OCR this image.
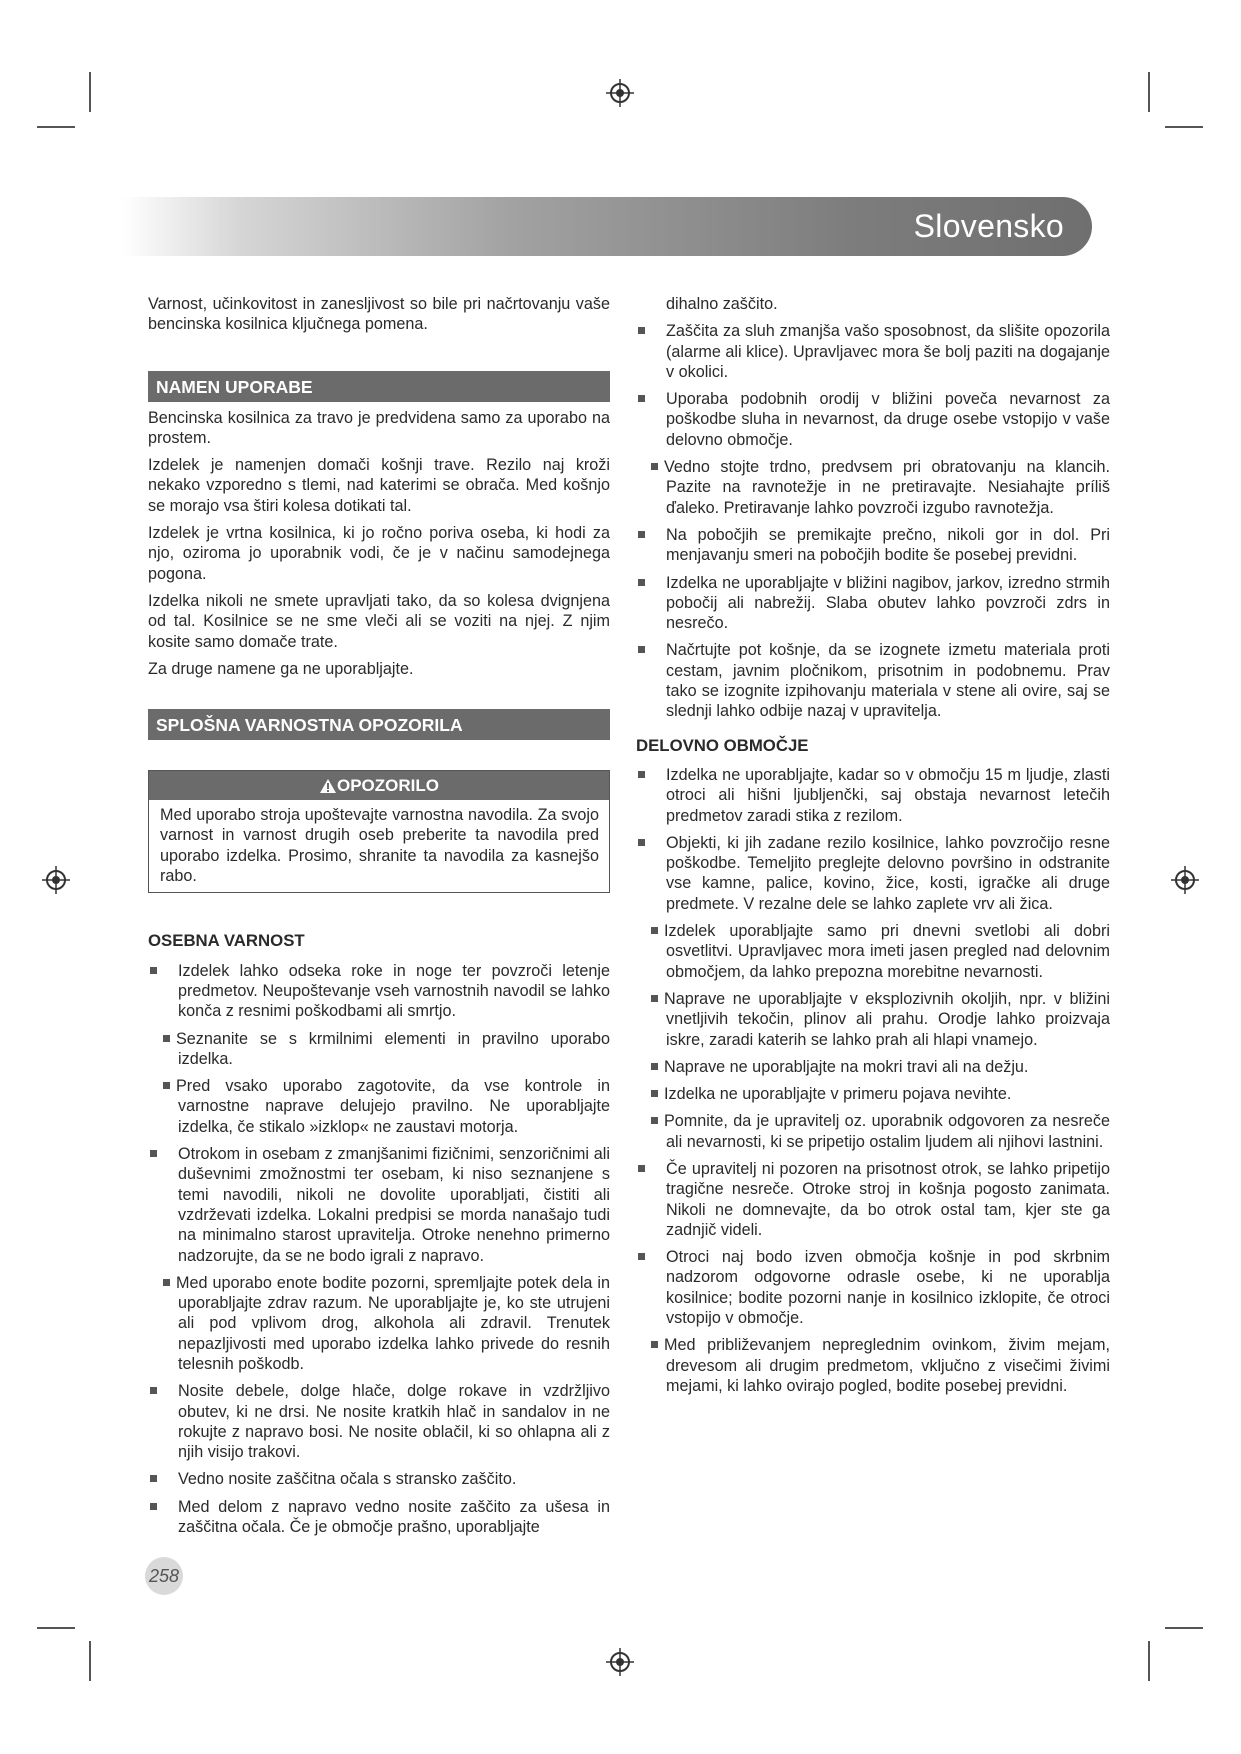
Slovensko

Varnost, učinkovitost in zanesljivost so bile pri načrtovanju vaše bencinska kosilnica ključnega pomena.

NAMEN UPORABE

Bencinska kosilnica za travo je predvidena samo za uporabo na prostem.

Izdelek je namenjen domači košnji trave. Rezilo naj kroži nekako vzporedno s tlemi, nad katerimi se obrača. Med košnjo se morajo vsa štiri kolesa dotikati tal.

Izdelek je vrtna kosilnica, ki jo ročno poriva oseba, ki hodi za njo, oziroma jo uporabnik vodi, če je v načinu samodejnega pogona.

Izdelka nikoli ne smete upravljati tako, da so kolesa dvignjena od tal. Kosilnice se ne sme vleči ali se voziti na njej. Z njim kosite samo domače trate.

Za druge namene ga ne uporabljajte.

SPLOŠNA VARNOSTNA OPOZORILA
OPOZORILO
Med uporabo stroja upoštevajte varnostna navodila. Za svojo varnost in varnost drugih oseb preberite ta navodila pred uporabo izdelka. Prosimo, shranite ta navodila za kasnejšo rabo.
OSEBNA VARNOST
Izdelek lahko odseka roke in noge ter povzroči letenje predmetov. Neupoštevanje vseh varnostnih navodil se lahko konča z resnimi poškodbami ali smrtjo.
Seznanite se s krmilnimi elementi in pravilno uporabo izdelka.
Pred vsako uporabo zagotovite, da vse kontrole in varnostne naprave delujejo pravilno. Ne uporabljajte izdelka, če stikalo »izklop« ne zaustavi motorja.
Otrokom in osebam z zmanjšanimi fizičnimi, senzoričnimi ali duševnimi zmožnostmi ter osebam, ki niso seznanjene s temi navodili, nikoli ne dovolite uporabljati, čistiti ali vzdrževati izdelka. Lokalni predpisi se morda nanašajo tudi na minimalno starost upravitelja. Otroke nenehno primerno nadzorujte, da se ne bodo igrali z napravo.
Med uporabo enote bodite pozorni, spremljajte potek dela in uporabljajte zdrav razum. Ne uporabljajte je, ko ste utrujeni ali pod vplivom drog, alkohola ali zdravil. Trenutek nepazljivosti med uporabo izdelka lahko privede do resnih telesnih poškodb.
Nosite debele, dolge hlače, dolge rokave in vzdržljivo obutev, ki ne drsi. Ne nosite kratkih hlač in sandalov in ne rokujte z napravo bosi. Ne nosite oblačil, ki so ohlapna ali z njih visijo trakovi.
Vedno nosite zaščitna očala s stransko zaščito.
Med delom z napravo vedno nosite zaščito za ušesa in zaščitna očala. Če je območje prašno, uporabljajte
dihalno zaščito.
Zaščita za sluh zmanjša vašo sposobnost, da slišite opozorila (alarme ali klice). Upravljavec mora še bolj paziti na dogajanje v okolici.
Uporaba podobnih orodij v bližini poveča nevarnost za poškodbe sluha in nevarnost, da druge osebe vstopijo v vaše delovno območje.
Vedno stojte trdno, predvsem pri obratovanju na klancih. Pazite na ravnotežje in ne pretiravajte. Nesiahajte príliš ďaleko. Pretiravanje lahko povzroči izgubo ravnotežja.
Na pobočjih se premikajte prečno, nikoli gor in dol. Pri menjavanju smeri na pobočjih bodite še posebej previdni.
Izdelka ne uporabljajte v bližini nagibov, jarkov, izredno strmih pobočij ali nabrežij. Slaba obutev lahko povzroči zdrs in nesrečo.
Načrtujte pot košnje, da se izognete izmetu materiala proti cestam, javnim pločnikom, prisotnim in podobnemu. Prav tako se izognite izpihovanju materiala v stene ali ovire, saj se slednji lahko odbije nazaj v upravitelja.
DELOVNO OBMOČJE
Izdelka ne uporabljajte, kadar so v območju 15 m ljudje, zlasti otroci ali hišni ljubljenčki, saj obstaja nevarnost letečih predmetov zaradi stika z rezilom.
Objekti, ki jih zadane rezilo kosilnice, lahko povzročijo resne poškodbe. Temeljito preglejte delovno površino in odstranite vse kamne, palice, kovino, žice, kosti, igračke ali druge predmete. V rezalne dele se lahko zaplete vrv ali žica.
Izdelek uporabljajte samo pri dnevni svetlobi ali dobri osvetlitvi. Upravljavec mora imeti jasen pregled nad delovnim območjem, da lahko prepozna morebitne nevarnosti.
Naprave ne uporabljajte v eksplozivnih okoljih, npr. v bližini vnetljivih tekočin, plinov ali prahu. Orodje lahko proizvaja iskre, zaradi katerih se lahko prah ali hlapi vnamejo.
Naprave ne uporabljajte na mokri travi ali na dežju.
Izdelka ne uporabljajte v primeru pojava nevihte.
Pomnite, da je upravitelj oz. uporabnik odgovoren za nesreče ali nevarnosti, ki se pripetijo ostalim ljudem ali njihovi lastnini.
Če upravitelj ni pozoren na prisotnost otrok, se lahko pripetijo tragične nesreče. Otroke stroj in košnja pogosto zanimata. Nikoli ne domnevajte, da bo otrok ostal tam, kjer ste ga zadnjič videli.
Otroci naj bodo izven območja košnje in pod skrbnim nadzorom odgovorne odrasle osebe, ki ne uporablja kosilnice; bodite pozorni nanje in kosilnico izklopite, če otroci vstopijo v območje.
Med približevanjem nepreglednim ovinkom, živim mejam, drevesom ali drugim predmetom, vključno z visečimi živimi mejami, ki lahko ovirajo pogled, bodite posebej previdni.
258
